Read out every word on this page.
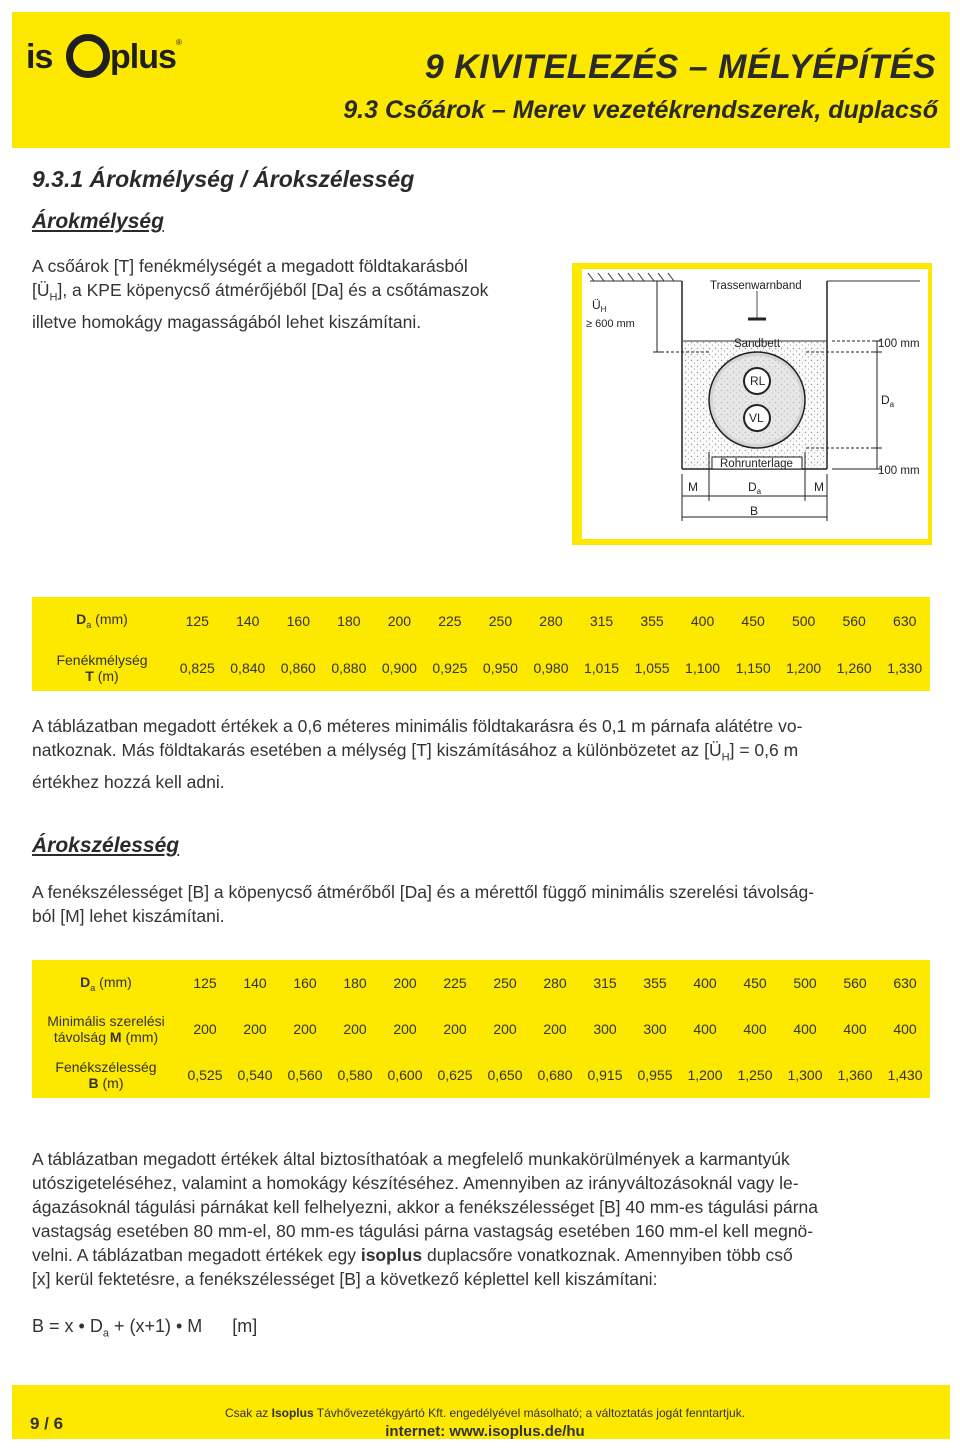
is plus ®
9 KIVITELEZÉS – MÉLYÉPÍTÉS
9.3 Csőárok – Merev vezetékrendszerek, duplacső
9.3.1 Árokmélység / Árokszélesség
Árokmélység
A csőárok [T] fenékmélységét a megadott földtakarásból
$[Ü_H]$, a KPE köpenycső átmérőjéből [Da] és a csőtámaszok
illetve homokágy magasságából lehet kiszámítani.
$Ü_H$
≥ 600 mm
Trassenwarnband
Sandbett
RL
VL
Rohrunterlage
100 mm
100 mm
$D_a$
M	M
$D_a$
B
$D_a$ (mm)	125	140	160	180	200	225	250	280	315	355	400	450	500	560	630

Fenékmélység
T (m)	0,825	0,840	0,860	0,880	0,900	0,925	0,950	0,980	1,015	1,055	1,100	1,150	1,200	1,260	1,330
A táblázatban megadott értékek a 0,6 méteres minimális földtakarásra és 0,1 m párnafa alátétre vo-
natkoznak. Más földtakarás esetében a mélység [T] kiszámításához a különbözetet az $[Ü_H] = 0,6$ m
értékhez hozzá kell adni.
Árokszélesség
A fenékszélességet [B] a köpenycső átmérőből [Da] és a mérettől függő minimális szerelési távolság-
ból [M] lehet kiszámítani.
$D_a$ (mm)	125	140	160	180	200	225	250	280	315	355	400	450	500	560	630

Minimális szerelési
távolság M (mm)	200	200	200	200	200	200	200	200	300	300	400	400	400	400	400

Fenékszélesség
B (m)	0,525	0,540	0,560	0,580	0,600	0,625	0,650	0,680	0,915	0,955	1,200	1,250	1,300	1,360	1,430
A táblázatban megadott értékek által biztosíthatóak a megfelelő munkakörülmények a karmantyúk
utószigeteléséhez, valamint a homokágy készítéséhez. Amennyiben az irányváltozásoknál vagy le-
ágazásoknál tágulási párnákat kell felhelyezni, akkor a fenékszélességet [B] 40 mm-es tágulási párna
vastagság esetében 80 mm-el, 80 mm-es tágulási párna vastagság esetében 160 mm-el kell megnö-
velni. A táblázatban megadott értékek egy isoplus duplacsőre vonatkoznak. Amennyiben több cső
[x] kerül fektetésre, a fenékszélességet [B] a következő képlettel kell kiszámítani:
B = x • $D_a + (x+1)$ • M [m]
9 / 6
Csak az Isoplus Távhővezetékgyártó Kft. engedélyével másolható; a változtatás jogát fenntartjuk.
internet: www.isoplus.de/hu
